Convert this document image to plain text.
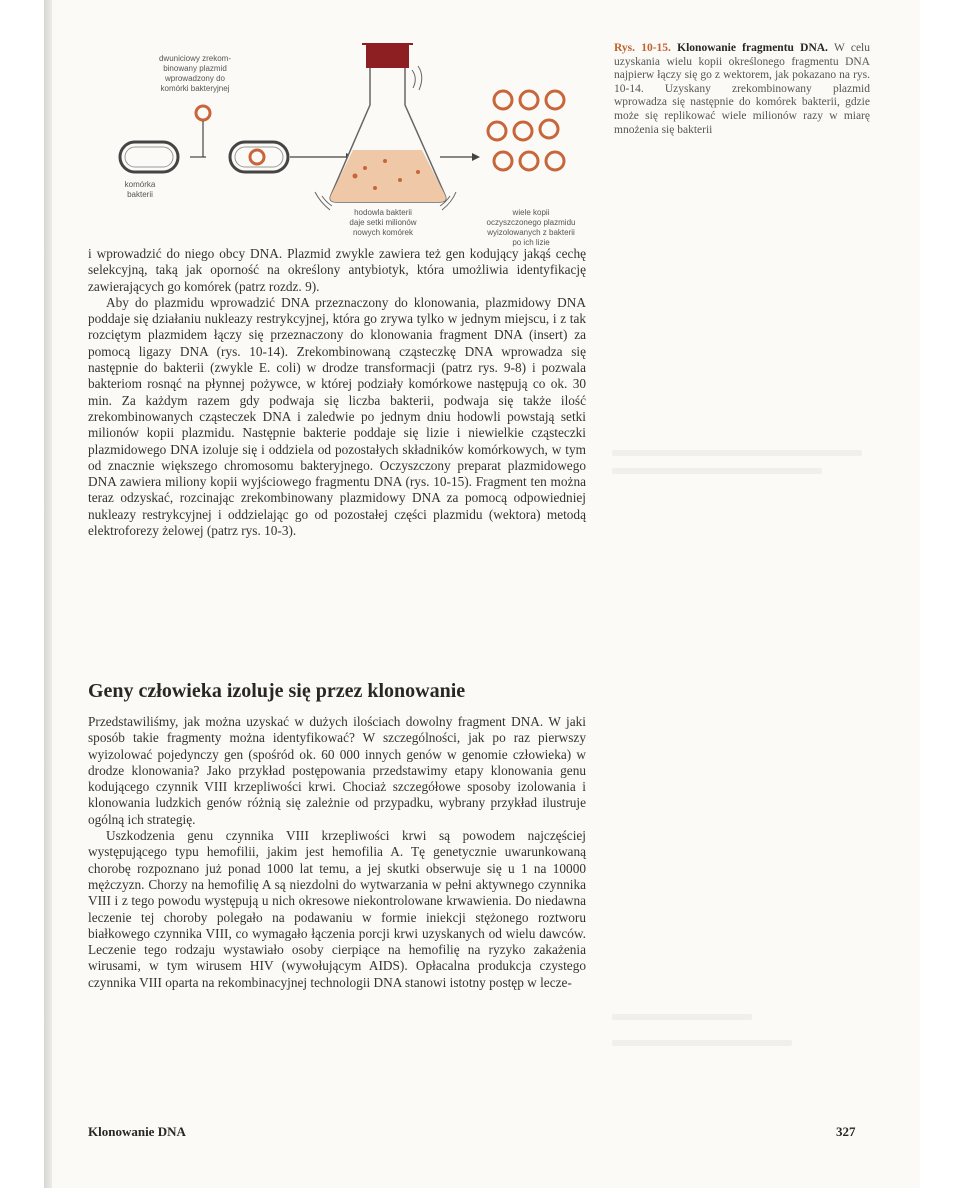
dwuniciowy zrekom-
binowany plazmid
wprowadzony do
komórki bakteryjnej
komórka
bakterii
hodowla bakterii
daje setki milionów
nowych komórek
wiele kopii
oczyszczonego plazmidu
wyizolowanych z bakterii
po ich lizie
Rys. 10-15. Klonowanie fragmentu DNA. W celu uzyskania wielu kopii określonego fragmentu DNA najpierw łączy się go z wektorem, jak pokazano na rys. 10-14. Uzyskany zrekombinowany plazmid wprowadza się następnie do komórek bakterii, gdzie może się replikować wiele milionów razy w miarę mnożenia się bakterii

i wprowadzić do niego obcy DNA. Plazmid zwykle zawiera też gen kodujący jakąś cechę selekcyjną, taką jak oporność na określony antybiotyk, która umożliwia identyfikację zawierających go komórek (patrz rozdz. 9).

Aby do plazmidu wprowadzić DNA przeznaczony do klonowania, plazmidowy DNA poddaje się działaniu nukleazy restrykcyjnej, która go zrywa tylko w jednym miejscu, i z tak rozciętym plazmidem łączy się przeznaczony do klonowania fragment DNA (insert) za pomocą ligazy DNA (rys. 10-14). Zrekombinowaną cząsteczkę DNA wprowadza się następnie do bakterii (zwykle E. coli) w drodze transformacji (patrz rys. 9-8) i pozwala bakteriom rosnąć na płynnej pożywce, w której podziały komórkowe następują co ok. 30 min. Za każdym razem gdy podwaja się liczba bakterii, podwaja się także ilość zrekombinowanych cząsteczek DNA i zaledwie po jednym dniu hodowli powstają setki milionów kopii plazmidu. Następnie bakterie poddaje się lizie i niewielkie cząsteczki plazmidowego DNA izoluje się i oddziela od pozostałych składników komórkowych, w tym od znacznie większego chromosomu bakteryjnego. Oczyszczony preparat plazmidowego DNA zawiera miliony kopii wyjściowego fragmentu DNA (rys. 10-15). Fragment ten można teraz odzyskać, rozcinając zrekombinowany plazmidowy DNA za pomocą odpowiedniej nukleazy restrykcyjnej i oddzielając go od pozostałej części plazmidu (wektora) metodą elektroforezy żelowej (patrz rys. 10-3).

Geny człowieka izoluje się przez klonowanie

Przedstawiliśmy, jak można uzyskać w dużych ilościach dowolny fragment DNA. W jaki sposób takie fragmenty można identyfikować? W szczególności, jak po raz pierwszy wyizolować pojedynczy gen (spośród ok. 60 000 innych genów w genomie człowieka) w drodze klonowania? Jako przykład postępowania przedstawimy etapy klonowania genu kodującego czynnik VIII krzepliwości krwi. Chociaż szczegółowe sposoby izolowania i klonowania ludzkich genów różnią się zależnie od przypadku, wybrany przykład ilustruje ogólną ich strategię.

Uszkodzenia genu czynnika VIII krzepliwości krwi są powodem najczęściej występującego typu hemofilii, jakim jest hemofilia A. Tę genetycznie uwarunkowaną chorobę rozpoznano już ponad 1000 lat temu, a jej skutki obserwuje się u 1 na 10000 mężczyzn. Chorzy na hemofilię A są niezdolni do wytwarzania w pełni aktywnego czynnika VIII i z tego powodu występują u nich okresowe niekontrolowane krwawienia. Do niedawna leczenie tej choroby polegało na podawaniu w formie iniekcji stężonego roztworu białkowego czynnika VIII, co wymagało łączenia porcji krwi uzyskanych od wielu dawców. Leczenie tego rodzaju wystawiało osoby cierpiące na hemofilię na ryzyko zakażenia wirusami, w tym wirusem HIV (wywołującym AIDS). Opłacalna produkcja czystego czynnika VIII oparta na rekombinacyjnej technologii DNA stanowi istotny postęp w lecze-

Klonowanie DNA	327
